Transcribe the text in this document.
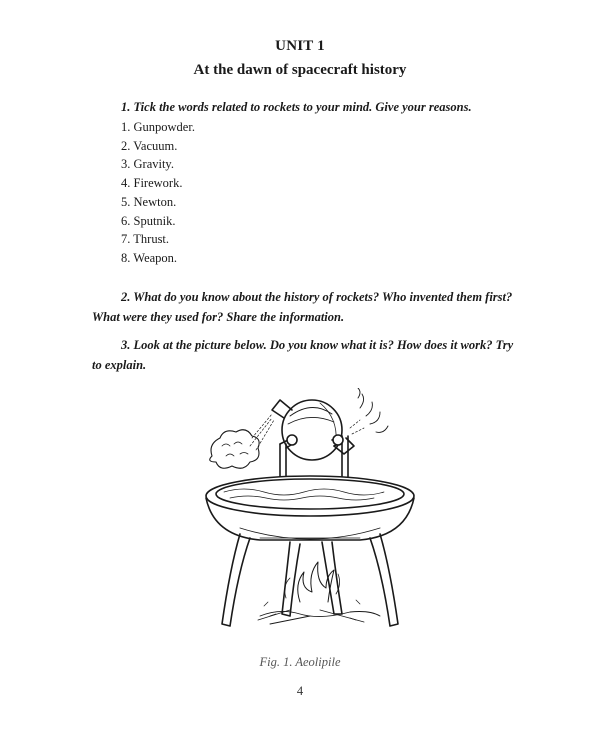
UNIT 1
At the dawn of spacecraft history
1. Tick the words related to rockets to your mind. Give your reasons.
1. Gunpowder.
2. Vacuum.
3. Gravity.
4. Firework.
5. Newton.
6. Sputnik.
7. Thrust.
8. Weapon.
2. What do you know about the history of rockets? Who invented them first?
What were they used for? Share the information.
3. Look at the picture below. Do you know what it is? How does it work? Try
to explain.
Fig. 1. Aeolipile
4
